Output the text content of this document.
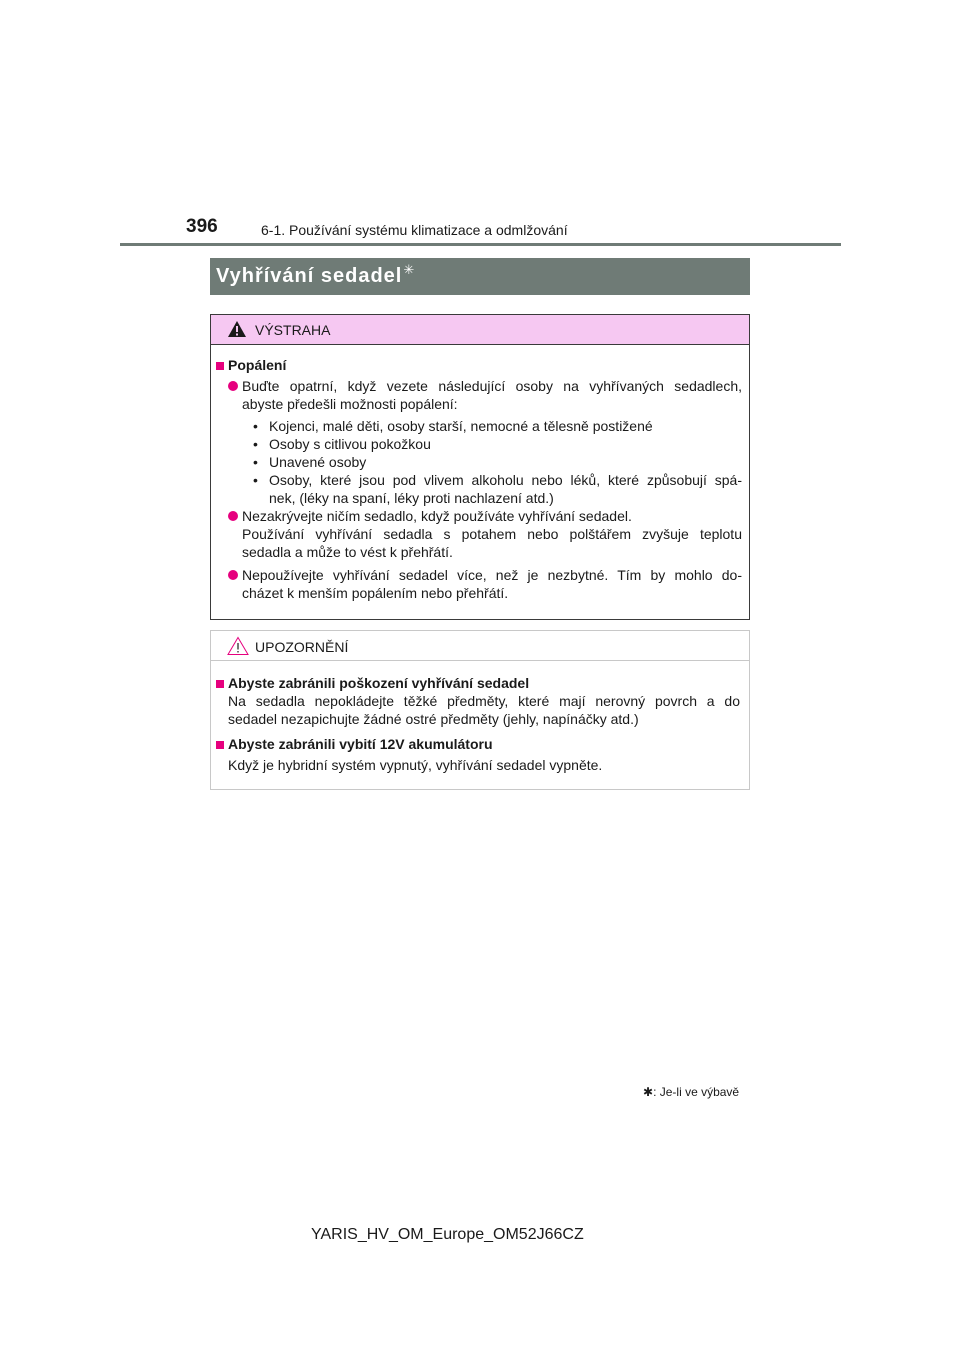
396	6-1. Používání systému klimatizace a odmlžování
Vyhřívání sedadel✳
VÝSTRAHA
Popálení
Buďte opatrní, když vezete následující osoby na vyhřívaných sedadlech,
abyste předešli možnosti popálení:
• Kojenci, malé děti, osoby starší, nemocné a tělesně postižené
• Osoby s citlivou pokožkou
• Unavené osoby
• Osoby, které jsou pod vlivem alkoholu nebo léků, které způsobují spá-
nek, (léky na spaní, léky proti nachlazení atd.)
Nezakrývejte ničím sedadlo, když používáte vyhřívání sedadel.
Používání vyhřívání sedadla s potahem nebo polštářem zvyšuje teplotu
sedadla a může to vést k přehřátí.
Nepoužívejte vyhřívání sedadel více, než je nezbytné. Tím by mohlo do-
cházet k menším popálením nebo přehřátí.
UPOZORNĚNÍ
Abyste zabránili poškození vyhřívání sedadel
Na sedadla nepokládejte těžké předměty, které mají nerovný povrch a do
sedadel nezapichujte žádné ostré předměty (jehly, napínáčky atd.)
Abyste zabránili vybití 12V akumulátoru
Když je hybridní systém vypnutý, vyhřívání sedadel vypněte.
✱: Je-li ve výbavě
YARIS_HV_OM_Europe_OM52J66CZ
